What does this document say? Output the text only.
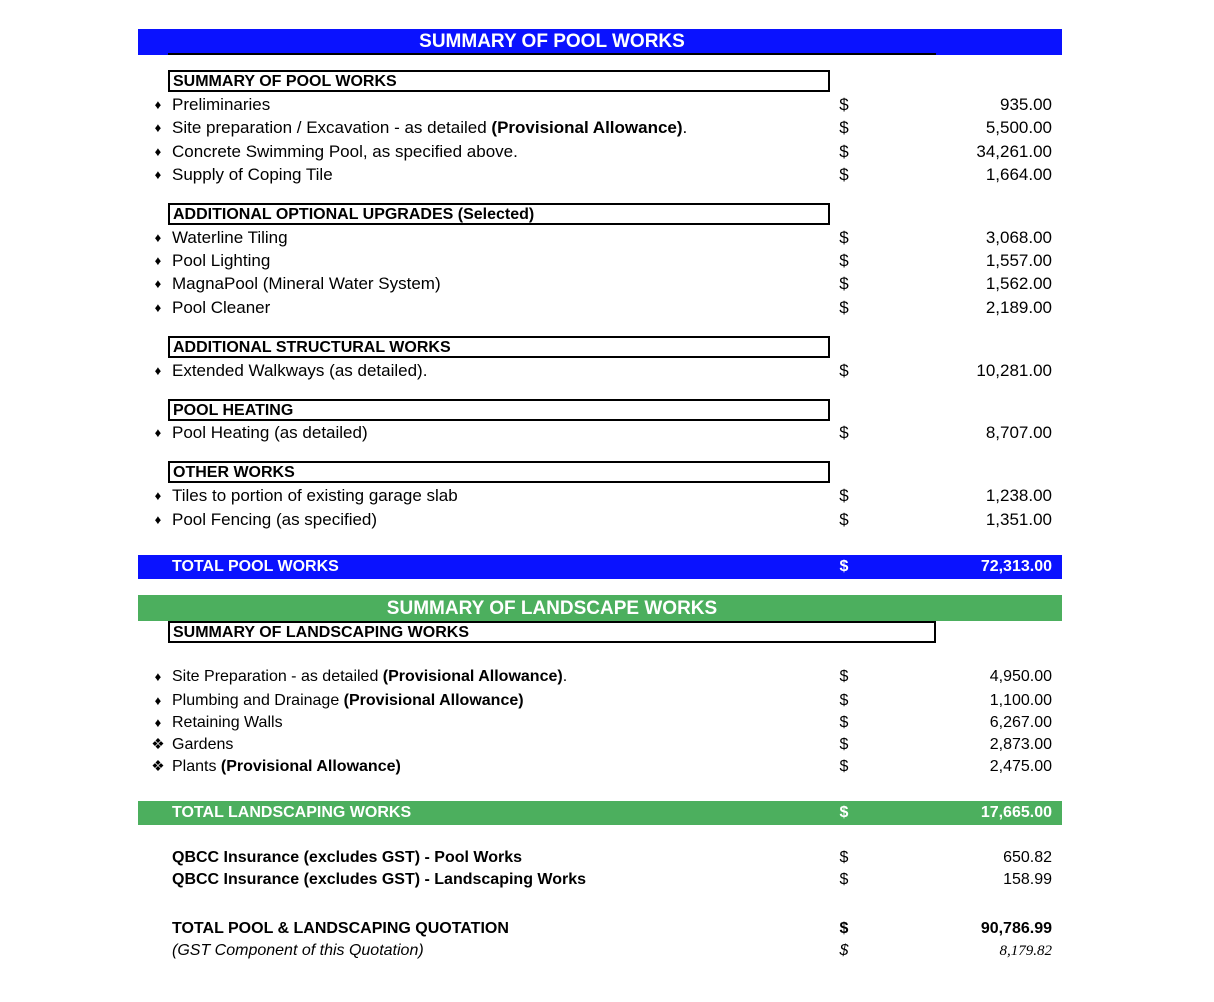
SUMMARY OF POOL WORKS
SUMMARY OF POOL WORKS
♦ Preliminaries	$	935.00
♦ Site preparation / Excavation - as detailed (Provisional Allowance).	$	5,500.00
♦ Concrete Swimming Pool, as specified above.	$	34,261.00
♦ Supply of Coping Tile	$	1,664.00
ADDITIONAL OPTIONAL UPGRADES (Selected)
♦ Waterline Tiling	$	3,068.00
♦ Pool Lighting	$	1,557.00
♦ MagnaPool (Mineral Water System)	$	1,562.00
♦ Pool Cleaner	$	2,189.00
ADDITIONAL STRUCTURAL WORKS
♦ Extended Walkways (as detailed).	$	10,281.00
POOL HEATING
♦ Pool Heating (as detailed)	$	8,707.00
OTHER WORKS
♦ Tiles to portion of existing garage slab	$	1,238.00
♦ Pool Fencing (as specified)	$	1,351.00
TOTAL POOL WORKS	$	72,313.00
SUMMARY OF LANDSCAPE WORKS
SUMMARY OF LANDSCAPING WORKS
♦ Site Preparation - as detailed (Provisional Allowance).	$	4,950.00
♦ Plumbing and Drainage (Provisional Allowance)	$	1,100.00
♦ Retaining Walls	$	6,267.00
❖ Gardens	$	2,873.00
❖ Plants (Provisional Allowance)	$	2,475.00
TOTAL LANDSCAPING WORKS	$	17,665.00
QBCC Insurance (excludes GST) - Pool Works	$	650.82
QBCC Insurance (excludes GST) - Landscaping Works	$	158.99
TOTAL POOL & LANDSCAPING QUOTATION	$	90,786.99
(GST Component of this Quotation)	$	8,179.82
